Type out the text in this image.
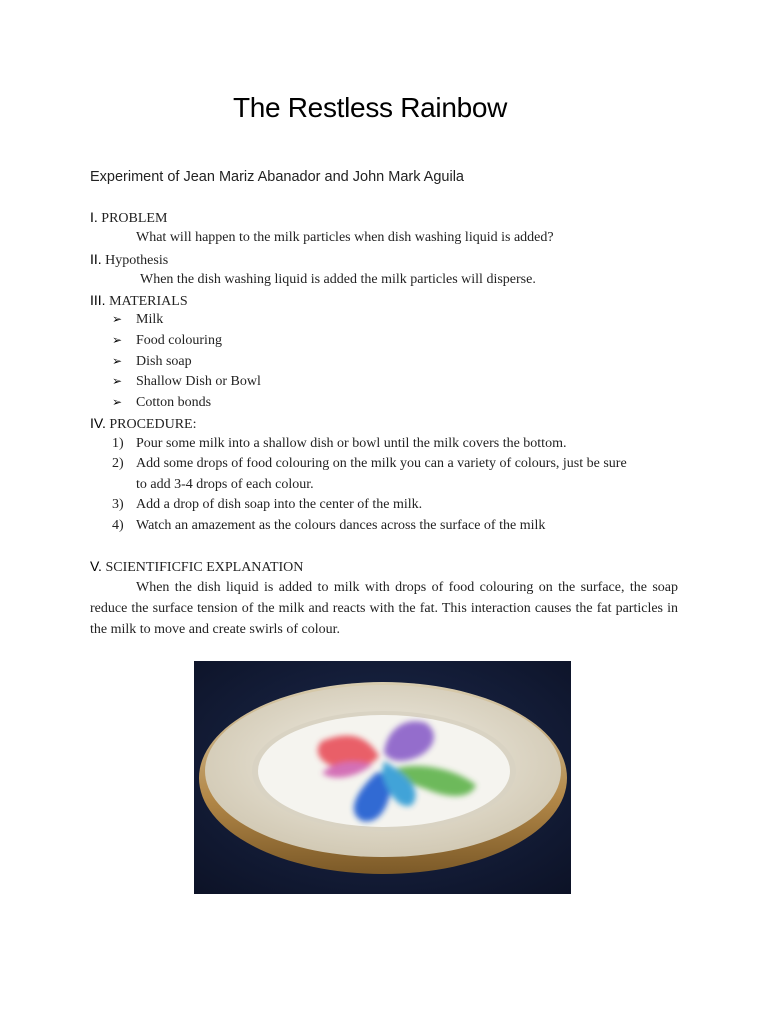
The Restless Rainbow
Experiment of Jean Mariz Abanador and John Mark Aguila
I. PROBLEM
What will happen to the milk particles when dish washing liquid is added?
II. Hypothesis
When the dish washing liquid is added the milk particles will disperse.
III. MATERIALS
➢ Milk
➢ Food colouring
➢ Dish soap
➢ Shallow Dish or Bowl
➢ Cotton bonds
IV. PROCEDURE:
1) Pour some milk into a shallow dish or bowl until the milk covers the bottom.
2) Add some drops of food colouring on the milk you can a variety of colours, just be sure
to add 3-4 drops of each colour.
3) Add a drop of dish soap into the center of the milk.
4) Watch an amazement as the colours dances across the surface of the milk
V. SCIENTIFICFIC EXPLANATION

When the dish liquid is added to milk with drops of food colouring on the surface, the soap reduce the surface tension of the milk and reacts with the fat. This interaction causes the fat particles in the milk to move and create swirls of colour.
